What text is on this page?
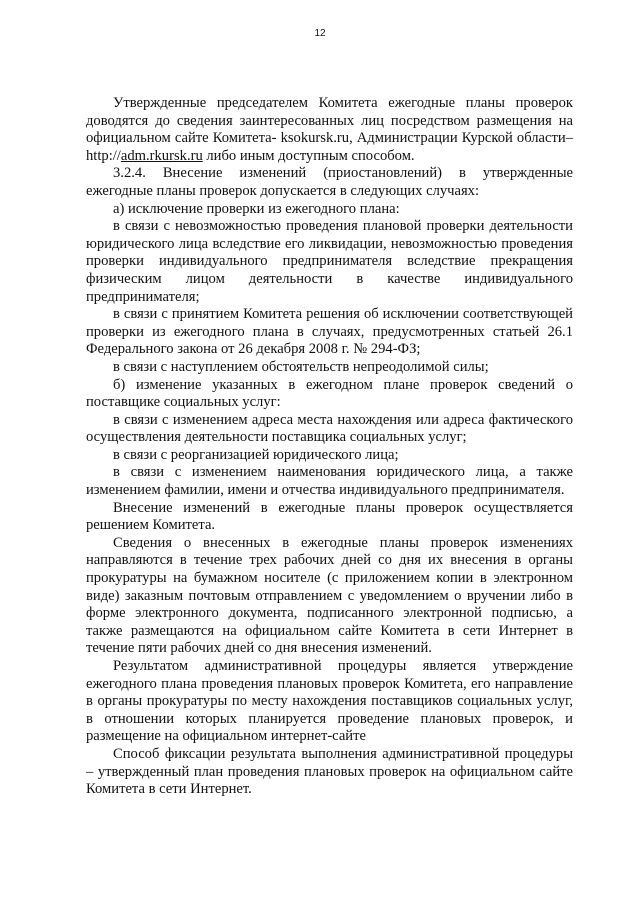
12

Утвержденные председателем Комитета ежегодные планы проверок доводятся до сведения заинтересованных лиц посредством размещения на официальном сайте Комитета- ksokursk.ru, Администрации Курской области– http://adm.rkursk.ru либо иным доступным способом.

3.2.4. Внесение изменений (приостановлений) в утвержденные ежегодные планы проверок допускается в следующих случаях:

а) исключение проверки из ежегодного плана:

в связи с невозможностью проведения плановой проверки деятельности юридического лица вследствие его ликвидации, невозможностью проведения проверки индивидуального предпринимателя вследствие прекращения физическим лицом деятельности в качестве индивидуального предпринимателя;

в связи с принятием Комитета решения об исключении соответствующей проверки из ежегодного плана в случаях, предусмотренных статьей 26.1 Федерального закона от 26 декабря 2008 г. № 294-ФЗ;

в связи с наступлением обстоятельств непреодолимой силы;

б) изменение указанных в ежегодном плане проверок сведений о поставщике социальных услуг:

в связи с изменением адреса места нахождения или адреса фактического осуществления деятельности поставщика социальных услуг;

в связи с реорганизацией юридического лица;

в связи с изменением наименования юридического лица, а также изменением фамилии, имени и отчества индивидуального предпринимателя.

Внесение изменений в ежегодные планы проверок осуществляется решением Комитета.

Сведения о внесенных в ежегодные планы проверок изменениях направляются в течение трех рабочих дней со дня их внесения в органы прокуратуры на бумажном носителе (с приложением копии в электронном виде) заказным почтовым отправлением с уведомлением о вручении либо в форме электронного документа, подписанного электронной подписью, а также размещаются на официальном сайте Комитета в сети Интернет в течение пяти рабочих дней со дня внесения изменений.

Результатом административной процедуры является утверждение ежегодного плана проведения плановых проверок Комитета, его направление в органы прокуратуры по месту нахождения поставщиков социальных услуг, в отношении которых планируется проведение плановых проверок, и размещение на официальном интернет-сайте

Способ фиксации результата выполнения административной процедуры – утвержденный план проведения плановых проверок на официальном сайте Комитета в сети Интернет.
